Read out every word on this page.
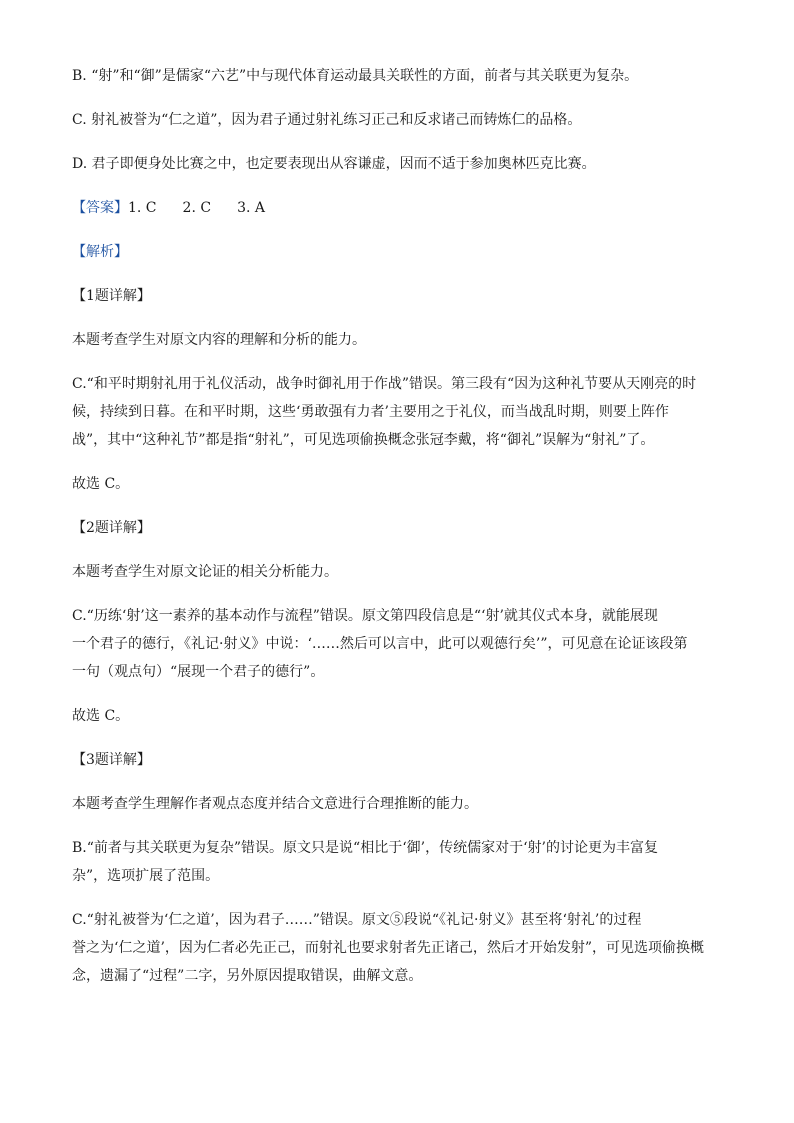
B. “射”和“御”是儒家“六艺”中与现代体育运动最具关联性的方面，前者与其关联更为复杂。

C. 射礼被誉为“仁之道”，因为君子通过射礼练习正己和反求诸己而铸炼仁的品格。

D. 君子即便身处比赛之中，也定要表现出从容谦虚，因而不适于参加奥林匹克比赛。

【答案】1. C 2. C 3. A

【解析】

【1题详解】

本题考查学生对原文内容的理解和分析的能力。

C.“和平时期射礼用于礼仪活动，战争时御礼用于作战”错误。第三段有“因为这种礼节要从天刚亮的时

候，持续到日暮。在和平时期，这些‘勇敢强有力者’主要用之于礼仪，而当战乱时期，则要上阵作

战”，其中“这种礼节”都是指“射礼”，可见选项偷换概念张冠李戴，将“御礼”误解为“射礼”了。

故选 C。

【2题详解】

本题考查学生对原文论证的相关分析能力。

C.“历练‘射’这一素养的基本动作与流程”错误。原文第四段信息是“‘射’就其仪式本身，就能展现

一个君子的德行，《礼记·射义》中说：‘……然后可以言中，此可以观德行矣’”，可见意在论证该段第

一句（观点句）“展现一个君子的德行”。

故选 C。

【3题详解】

本题考查学生理解作者观点态度并结合文意进行合理推断的能力。

B.“前者与其关联更为复杂”错误。原文只是说“相比于‘御’，传统儒家对于‘射’的讨论更为丰富复

杂”，选项扩展了范围。

C.“射礼被誉为‘仁之道’，因为君子……”错误。原文⑤段说“《礼记·射义》甚至将‘射礼’的过程

誉之为‘仁之道’，因为仁者必先正己，而射礼也要求射者先正诸己，然后才开始发射”，可见选项偷换概

念，遗漏了“过程”二字，另外原因提取错误，曲解文意。
